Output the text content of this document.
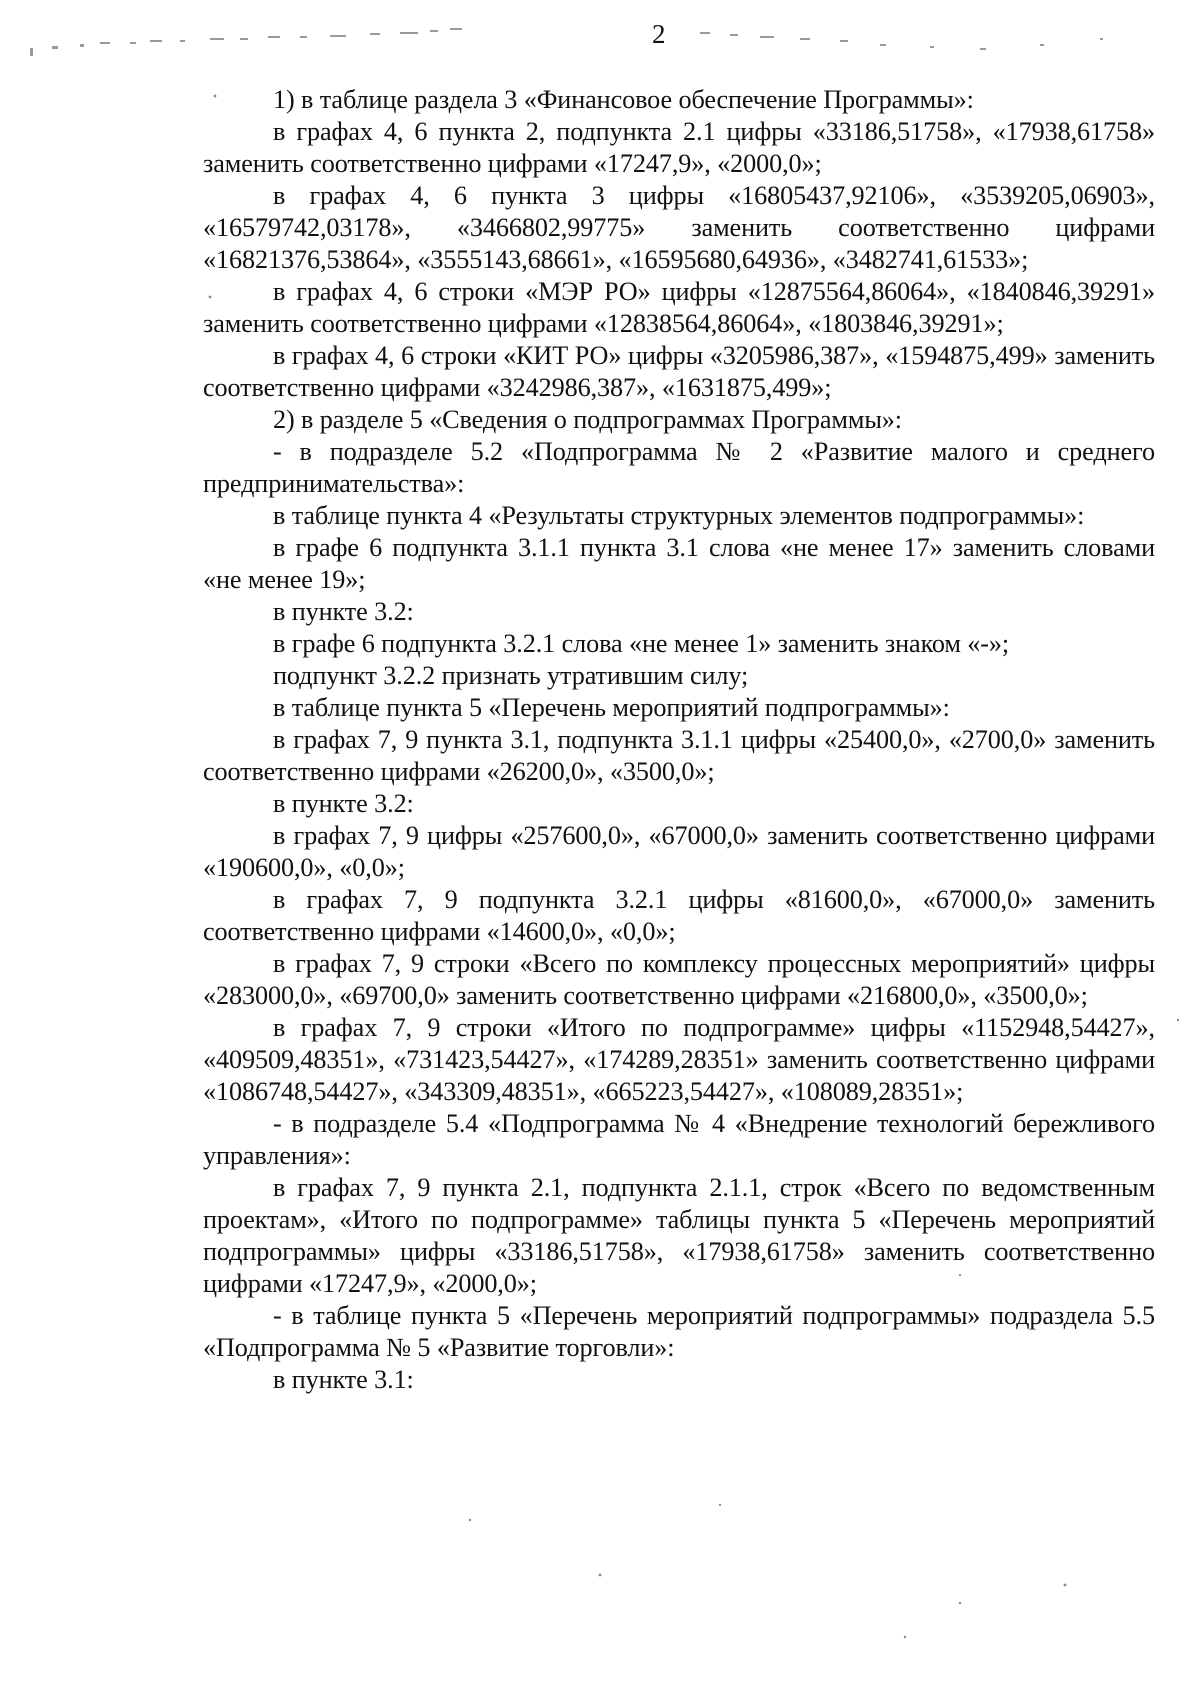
2

1) в таблице раздела 3 «Финансовое обеспечение Программы»:

в графах 4, 6 пункта 2, подпункта 2.1 цифры «33186,51758», «17938,61758» заменить соответственно цифрами «17247,9», «2000,0»;

в графах 4, 6 пункта 3 цифры «16805437,92106», «3539205,06903», «16579742,03178», «3466802,99775» заменить соответственно цифрами «16821376,53864», «3555143,68661», «16595680,64936», «3482741,61533»;

в графах 4, 6 строки «МЭР РО» цифры «12875564,86064», «1840846,39291» заменить соответственно цифрами «12838564,86064», «1803846,39291»;

в графах 4, 6 строки «КИТ РО» цифры «3205986,387», «1594875,499» заменить соответственно цифрами «3242986,387», «1631875,499»;

2) в разделе 5 «Сведения о подпрограммах Программы»:

- в подразделе 5.2 «Подпрограмма № 2 «Развитие малого и среднего предпринимательства»:

в таблице пункта 4 «Результаты структурных элементов подпрограммы»:

в графе 6 подпункта 3.1.1 пункта 3.1 слова «не менее 17» заменить словами «не менее 19»;

в пункте 3.2:

в графе 6 подпункта 3.2.1 слова «не менее 1» заменить знаком «-»;

подпункт 3.2.2 признать утратившим силу;

в таблице пункта 5 «Перечень мероприятий подпрограммы»:

в графах 7, 9 пункта 3.1, подпункта 3.1.1 цифры «25400,0», «2700,0» заменить соответственно цифрами «26200,0», «3500,0»;

в пункте 3.2:

в графах 7, 9 цифры «257600,0», «67000,0» заменить соответственно цифрами «190600,0», «0,0»;

в графах 7, 9 подпункта 3.2.1 цифры «81600,0», «67000,0» заменить соответственно цифрами «14600,0», «0,0»;

в графах 7, 9 строки «Всего по комплексу процессных мероприятий» цифры «283000,0», «69700,0» заменить соответственно цифрами «216800,0», «3500,0»;

в графах 7, 9 строки «Итого по подпрограмме» цифры «1152948,54427», «409509,48351», «731423,54427», «174289,28351» заменить соответственно цифрами «1086748,54427», «343309,48351», «665223,54427», «108089,28351»;

- в подразделе 5.4 «Подпрограмма № 4 «Внедрение технологий бережливого управления»:

в графах 7, 9 пункта 2.1, подпункта 2.1.1, строк «Всего по ведомственным проектам», «Итого по подпрограмме» таблицы пункта 5 «Перечень мероприятий подпрограммы» цифры «33186,51758», «17938,61758» заменить соответственно цифрами «17247,9», «2000,0»;

- в таблице пункта 5 «Перечень мероприятий подпрограммы» подраздела 5.5 «Подпрограмма № 5 «Развитие торговли»:

в пункте 3.1:
